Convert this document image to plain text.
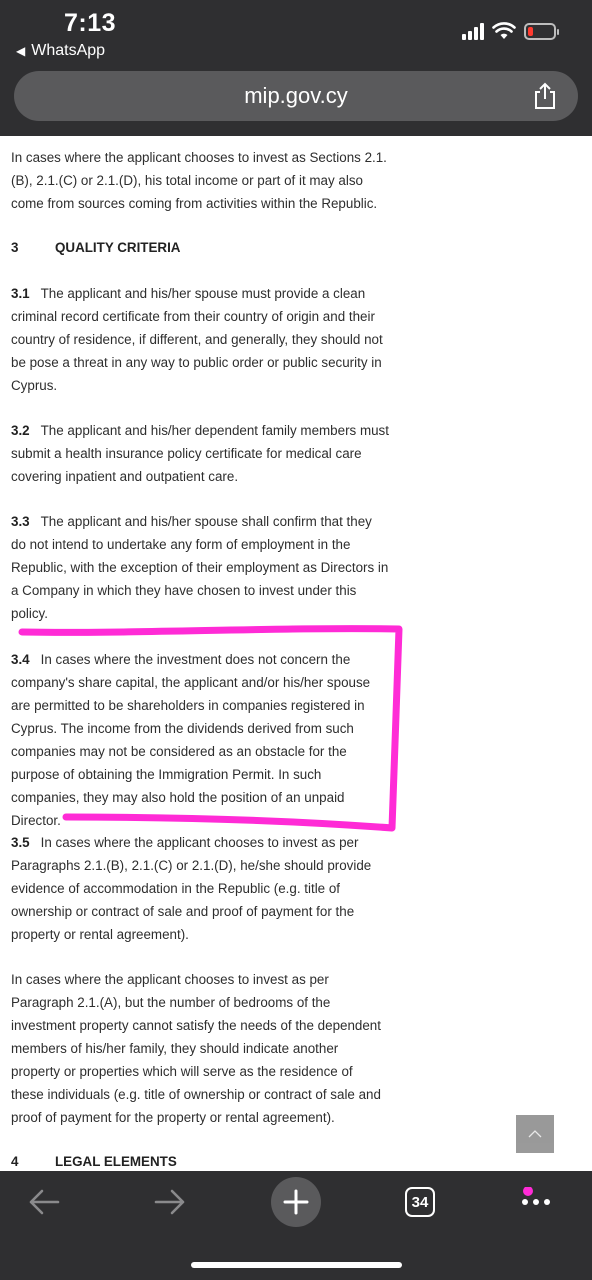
7:13
◀ WhatsApp
mip.gov.cy

In cases where the applicant chooses to invest as Sections 2.1.(B), 2.1.(C) or 2.1.(D), his total income or part of it may also come from sources coming from activities within the Republic.

3	QUALITY CRITERIA

3.1 The applicant and his/her spouse must provide a clean criminal record certificate from their country of origin and their country of residence, if different, and generally, they should not be pose a threat in any way to public order or public security in Cyprus.

3.2 The applicant and his/her dependent family members must submit a health insurance policy certificate for medical care covering inpatient and outpatient care.

3.3 The applicant and his/her spouse shall confirm that they do not intend to undertake any form of employment in the Republic, with the exception of their employment as Directors in a Company in which they have chosen to invest under this policy.

3.4 In cases where the investment does not concern the company's share capital, the applicant and/or his/her spouse are permitted to be shareholders in companies registered in Cyprus. The income from the dividends derived from such companies may not be considered as an obstacle for the purpose of obtaining the Immigration Permit. In such companies, they may also hold the position of an unpaid Director.

3.5 In cases where the applicant chooses to invest as per Paragraphs 2.1.(B), 2.1.(C) or 2.1.(D), he/she should provide evidence of accommodation in the Republic (e.g. title of ownership or contract of sale and proof of payment for the property or rental agreement).

In cases where the applicant chooses to invest as per Paragraph 2.1.(A), but the number of bedrooms of the investment property cannot satisfy the needs of the dependent members of his/her family, they should indicate another property or properties which will serve as the residence of these individuals (e.g. title of ownership or contract of sale and proof of payment for the property or rental agreement).

4	LEGAL ELEMENTS
34
